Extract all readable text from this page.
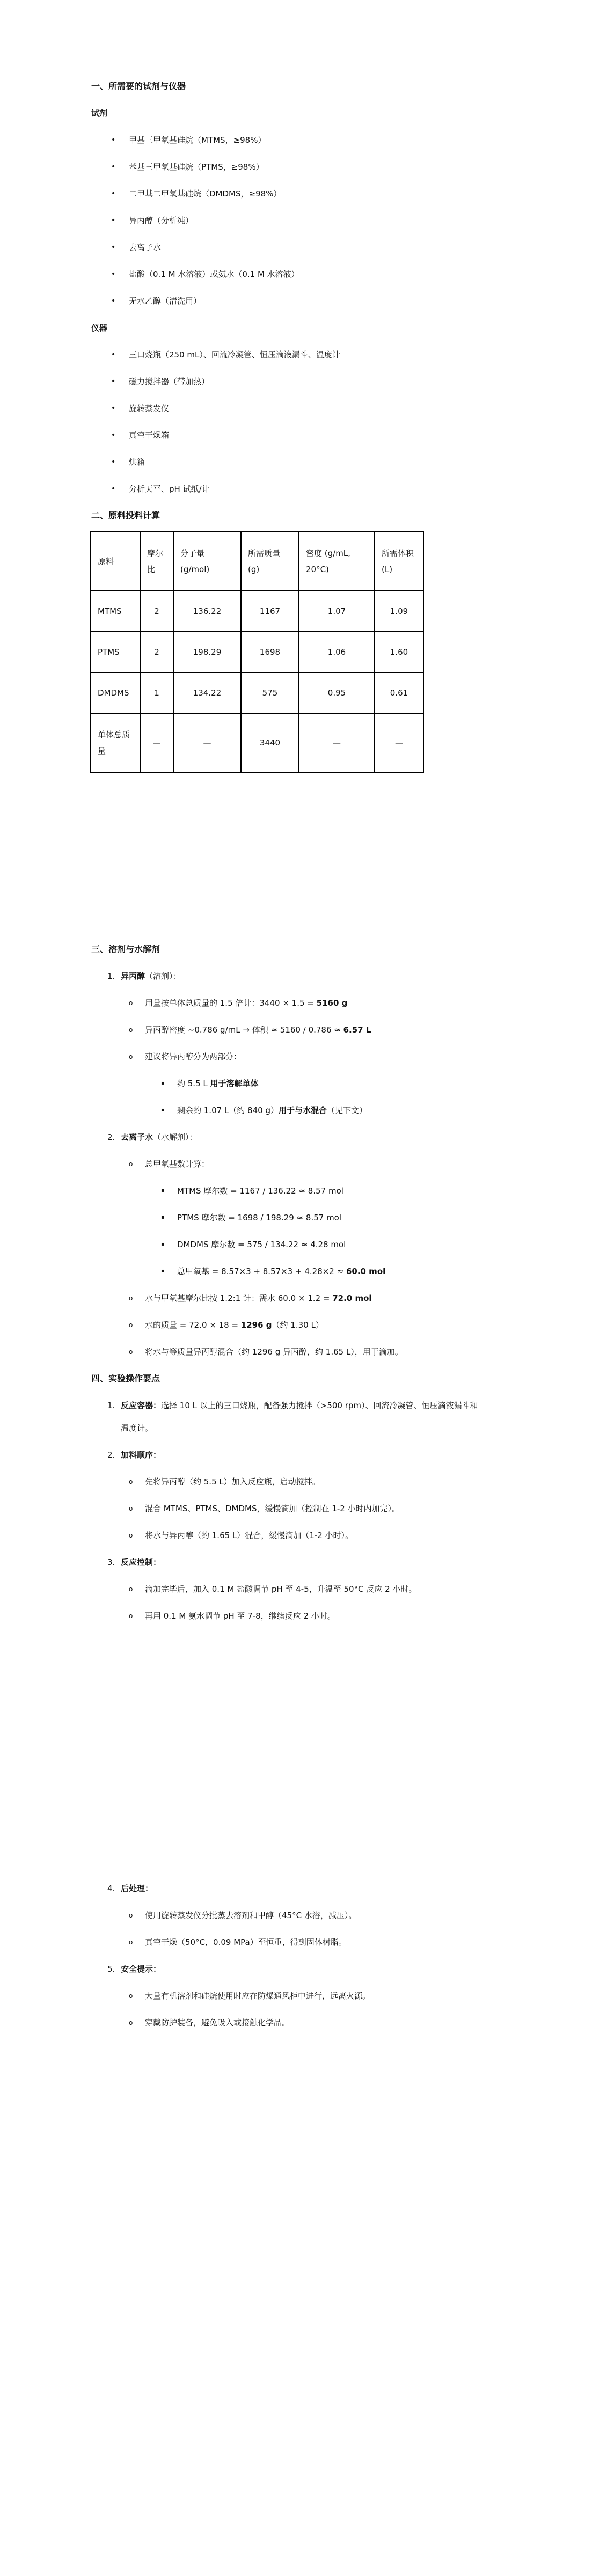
一、所需要的试剂与仪器
试剂
•	甲基三甲氧基硅烷（MTMS，≥98%）
•	苯基三甲氧基硅烷（PTMS，≥98%）
•	二甲基二甲氧基硅烷（DMDMS，≥98%）
•	异丙醇（分析纯）
•	去离子水
•	盐酸（0.1 M 水溶液）或氨水（0.1 M 水溶液）
•	无水乙醇（清洗用）
仪器
•	三口烧瓶（250 mL）、回流冷凝管、恒压滴液漏斗、温度计
•	磁力搅拌器（带加热）
•	旋转蒸发仪
•	真空干燥箱
•	烘箱
•	分析天平、pH 试纸/计
二、原料投料计算
原料	摩尔比	分子量 (g/mol)	所需质量 (g)	密度 (g/mL, 20°C)	所需体积 (L)
MTMS	2	136.22	1167	1.07	1.09
PTMS	2	198.29	1698	1.06	1.60
DMDMS	1	134.22	575	0.95	0.61
单体总质量	—	—	3440	—	—
三、溶剂与水解剂
1. 异丙醇（溶剂）：
o	用量按单体总质量的 1.5 倍计：3440 × 1.5 = 5160 g
o	异丙醇密度 ~0.786 g/mL → 体积 ≈ 5160 / 0.786 ≈ 6.57 L
o	建议将异丙醇分为两部分：
▪	约 5.5 L 用于溶解单体
▪	剩余约 1.07 L（约 840 g）用于与水混合（见下文）
2. 去离子水（水解剂）：
o	总甲氧基数计算：
▪	MTMS 摩尔数 = 1167 / 136.22 ≈ 8.57 mol
▪	PTMS 摩尔数 = 1698 / 198.29 ≈ 8.57 mol
▪	DMDMS 摩尔数 = 575 / 134.22 ≈ 4.28 mol
▪	总甲氧基 = 8.57×3 + 8.57×3 + 4.28×2 ≈ 60.0 mol
o	水与甲氧基摩尔比按 1.2:1 计：需水 60.0 × 1.2 = 72.0 mol
o	水的质量 = 72.0 × 18 = 1296 g（约 1.30 L）
o	将水与等质量异丙醇混合（约 1296 g 异丙醇，约 1.65 L），用于滴加。
四、实验操作要点
1. 反应容器：选择 10 L 以上的三口烧瓶，配备强力搅拌（>500 rpm）、回流冷凝管、恒压滴液漏斗和温度计。
2. 加料顺序：
o	先将异丙醇（约 5.5 L）加入反应瓶，启动搅拌。
o	混合 MTMS、PTMS、DMDMS，缓慢滴加（控制在 1-2 小时内加完）。
o	将水与异丙醇（约 1.65 L）混合，缓慢滴加（1-2 小时）。
3. 反应控制：
o	滴加完毕后，加入 0.1 M 盐酸调节 pH 至 4-5，升温至 50°C 反应 2 小时。
o	再用 0.1 M 氨水调节 pH 至 7-8，继续反应 2 小时。
4. 后处理：
o	使用旋转蒸发仪分批蒸去溶剂和甲醇（45°C 水浴，减压）。
o	真空干燥（50°C，0.09 MPa）至恒重，得到固体树脂。
5. 安全提示：
o	大量有机溶剂和硅烷使用时应在防爆通风柜中进行，远离火源。
o	穿戴防护装备，避免吸入或接触化学品。
